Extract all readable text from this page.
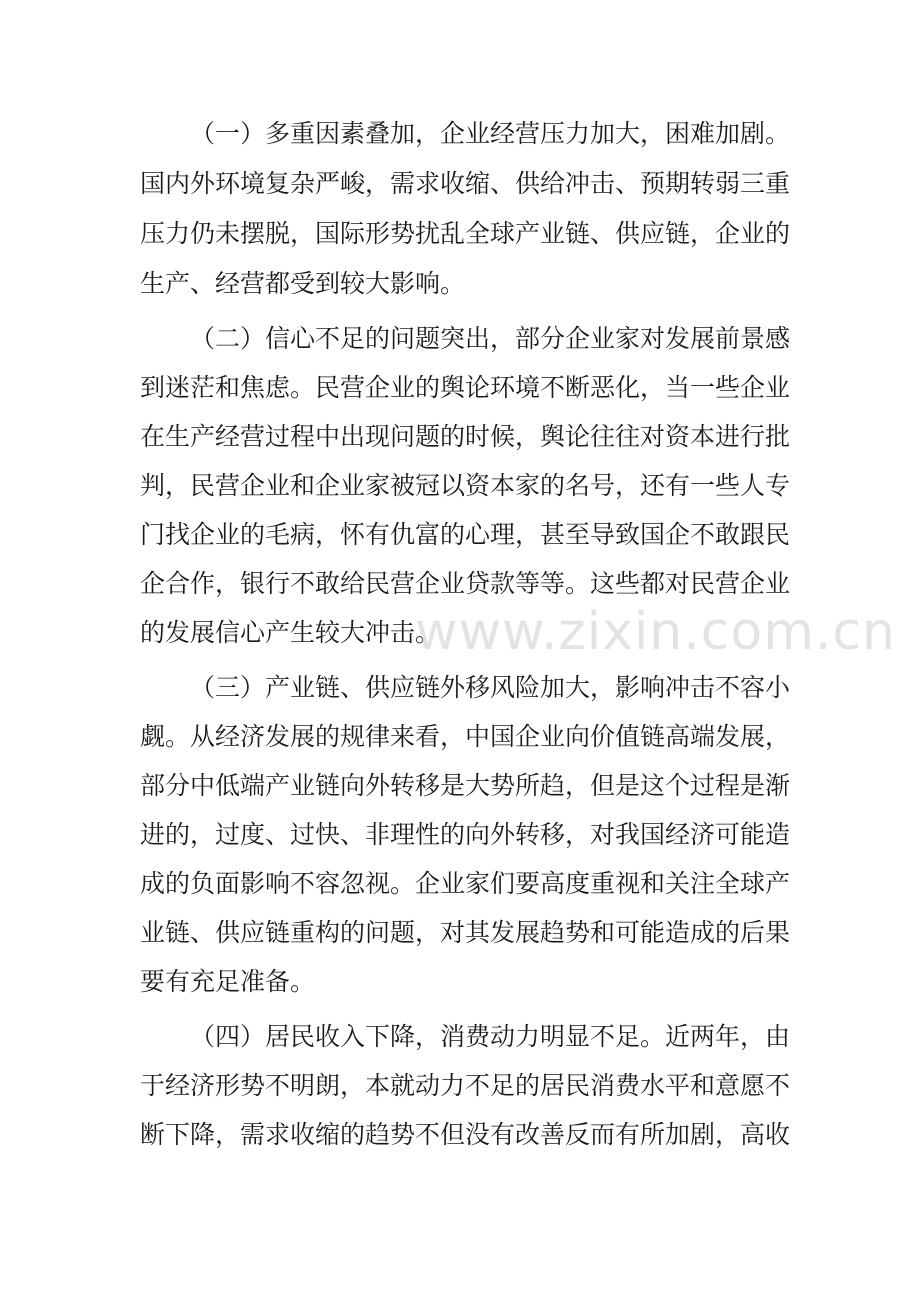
（一）多重因素叠加，企业经营压力加大，困难加剧。
国内外环境复杂严峻，需求收缩、供给冲击、预期转弱三重
压力仍未摆脱，国际形势扰乱全球产业链、供应链，企业的
生产、经营都受到较大影响。
（二）信心不足的问题突出，部分企业家对发展前景感
到迷茫和焦虑。民营企业的舆论环境不断恶化，当一些企业
在生产经营过程中出现问题的时候，舆论往往对资本进行批
判，民营企业和企业家被冠以资本家的名号，还有一些人专
门找企业的毛病，怀有仇富的心理，甚至导致国企不敢跟民
企合作，银行不敢给民营企业贷款等等。这些都对民营企业
的发展信心产生较大冲击。
（三）产业链、供应链外移风险加大，影响冲击不容小
觑。从经济发展的规律来看，中国企业向价值链高端发展，
部分中低端产业链向外转移是大势所趋，但是这个过程是渐
进的，过度、过快、非理性的向外转移，对我国经济可能造
成的负面影响不容忽视。企业家们要高度重视和关注全球产
业链、供应链重构的问题，对其发展趋势和可能造成的后果
要有充足准备。
（四）居民收入下降，消费动力明显不足。近两年，由
于经济形势不明朗，本就动力不足的居民消费水平和意愿不
断下降，需求收缩的趋势不但没有改善反而有所加剧，高收
www.zixin.com.cn
